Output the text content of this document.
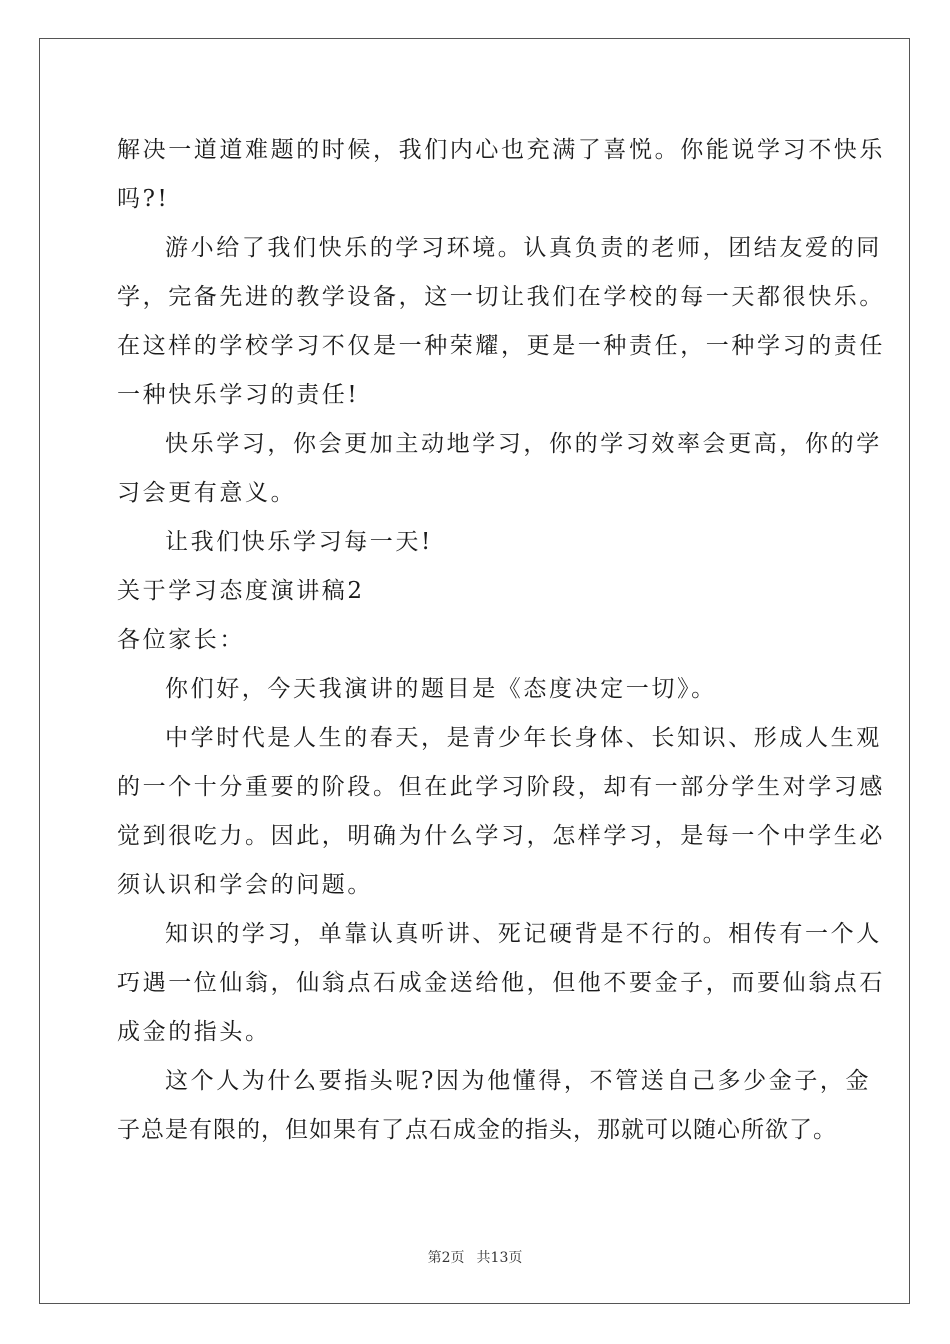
解决一道道难题的时候，我们内心也充满了喜悦。你能说学习不快乐
吗?!
游小给了我们快乐的学习环境。认真负责的老师，团结友爱的同
学，完备先进的教学设备，这一切让我们在学校的每一天都很快乐。
在这样的学校学习不仅是一种荣耀，更是一种责任，一种学习的责任
一种快乐学习的责任!
快乐学习，你会更加主动地学习，你的学习效率会更高，你的学
习会更有意义。
让我们快乐学习每一天!
关于学习态度演讲稿2
各位家长：
你们好，今天我演讲的题目是《态度决定一切》。
中学时代是人生的春天，是青少年长身体、长知识、形成人生观
的一个十分重要的阶段。但在此学习阶段，却有一部分学生对学习感
觉到很吃力。因此，明确为什么学习，怎样学习，是每一个中学生必
须认识和学会的问题。
知识的学习，单靠认真听讲、死记硬背是不行的。相传有一个人
巧遇一位仙翁，仙翁点石成金送给他，但他不要金子，而要仙翁点石
成金的指头。
这个人为什么要指头呢?因为他懂得，不管送自己多少金子，金
子总是有限的，但如果有了点石成金的指头，那就可以随心所欲了。
第2页 共13页
